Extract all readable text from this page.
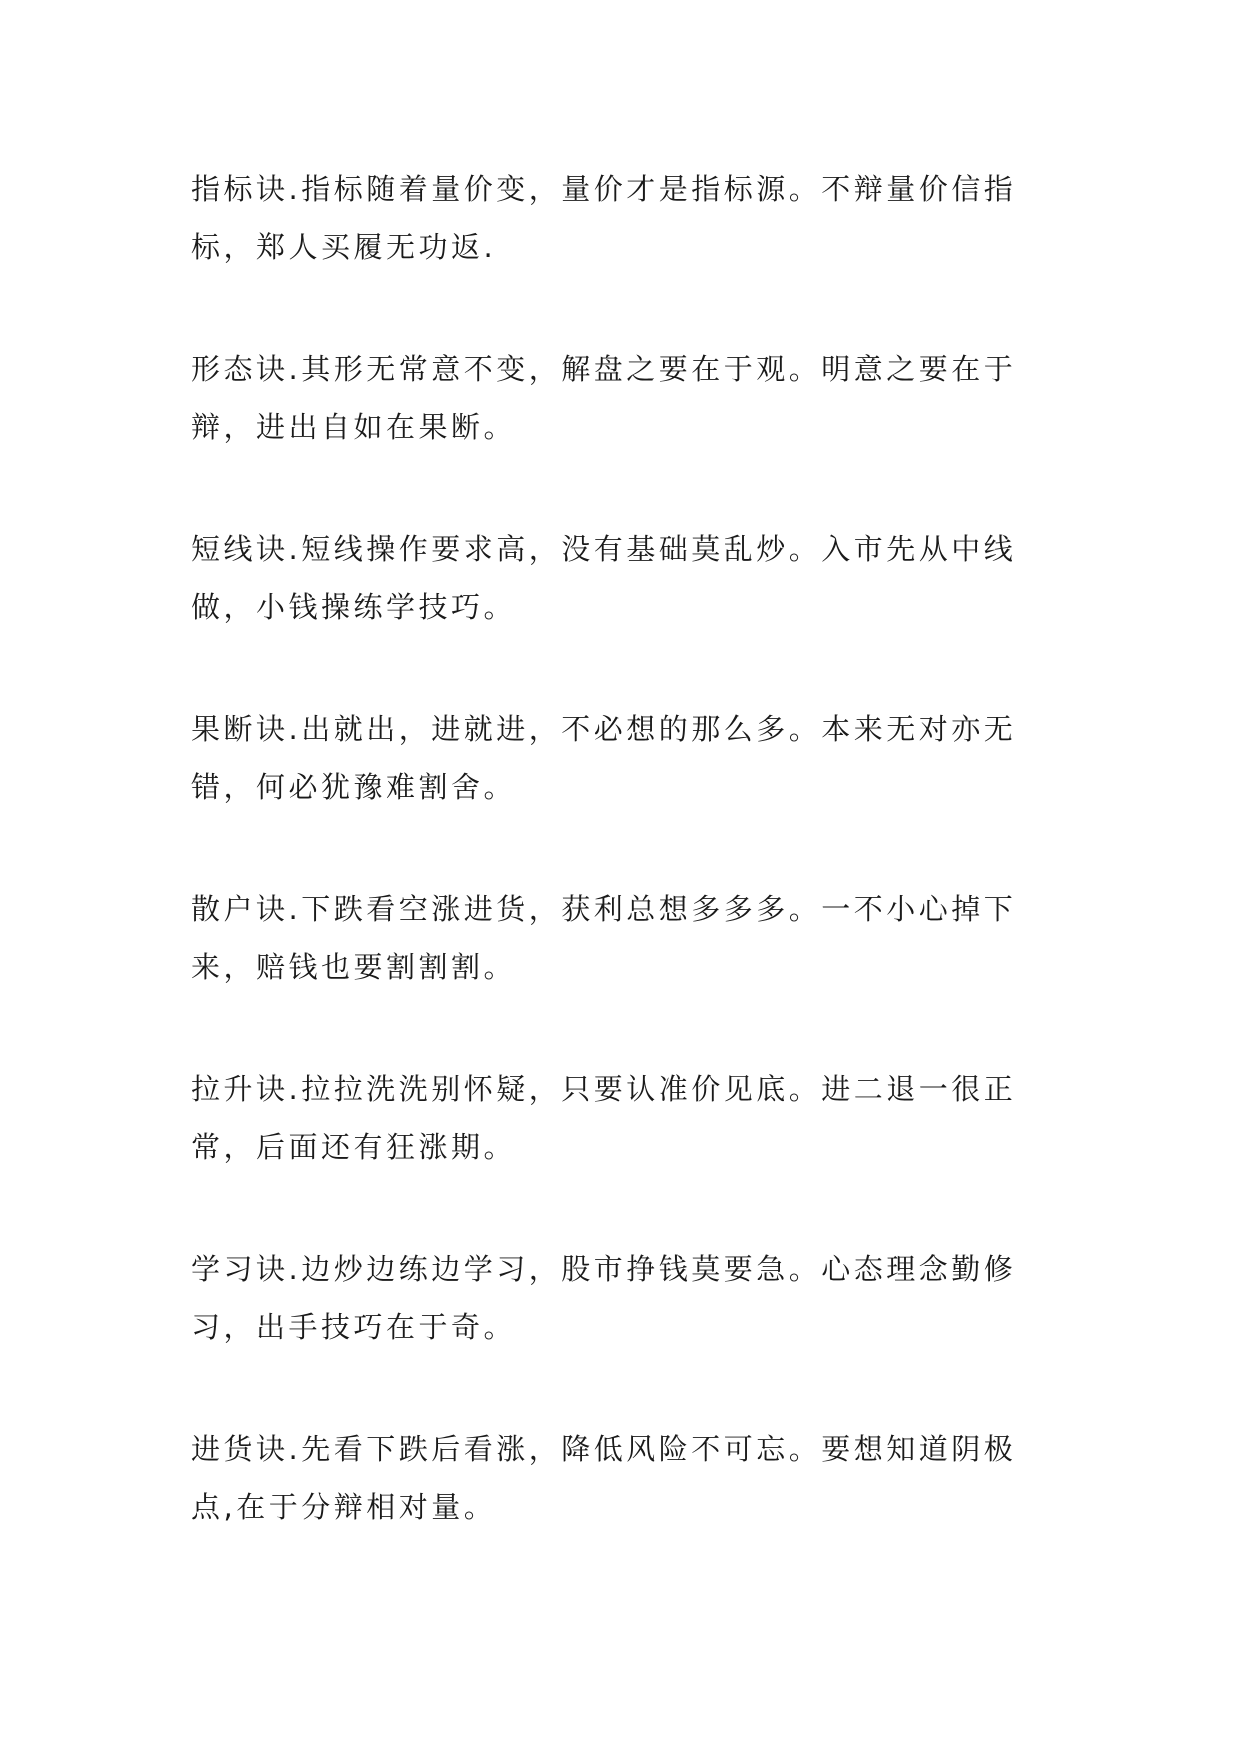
指标诀.指标随着量价变，量价才是指标源。不辩量价信指
标，郑人买履无功返.

形态诀.其形无常意不变，解盘之要在于观。明意之要在于
辩，进出自如在果断。

短线诀.短线操作要求高，没有基础莫乱炒。入市先从中线
做，小钱操练学技巧。

果断诀.出就出，进就进，不必想的那么多。本来无对亦无
错，何必犹豫难割舍。

散户诀.下跌看空涨进货，获利总想多多多。一不小心掉下
来，赔钱也要割割割。

拉升诀.拉拉洗洗别怀疑，只要认准价见底。进二退一很正
常，后面还有狂涨期。

学习诀.边炒边练边学习，股市挣钱莫要急。心态理念勤修
习，出手技巧在于奇。

进货诀.先看下跌后看涨，降低风险不可忘。要想知道阴极
点,在于分辩相对量。
